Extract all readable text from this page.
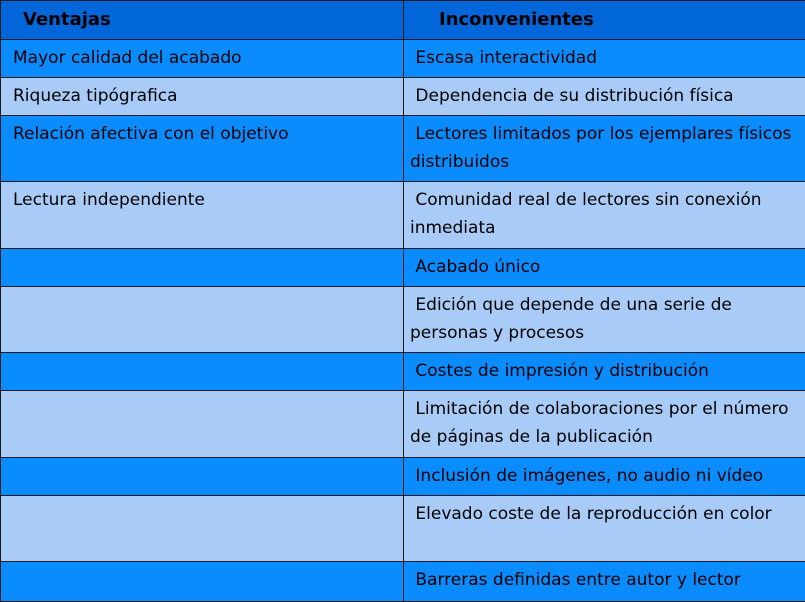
Ventajas	Inconvenientes
Mayor calidad del acabado	Escasa interactividad
Riqueza tipógrafica	Dependencia de su distribución física
Relación afectiva con el objetivo	Lectores limitados por los ejemplares físicos distribuidos
Lectura independiente	Comunidad real de lectores sin conexión inmediata
	Acabado único
	Edición que depende de una serie de personas y procesos
	Costes de impresión y distribución
	Limitación de colaboraciones por el número de páginas de la publicación
	Inclusión de imágenes, no audio ni vídeo
	Elevado coste de la reproducción en color
	Barreras definidas entre autor y lector
